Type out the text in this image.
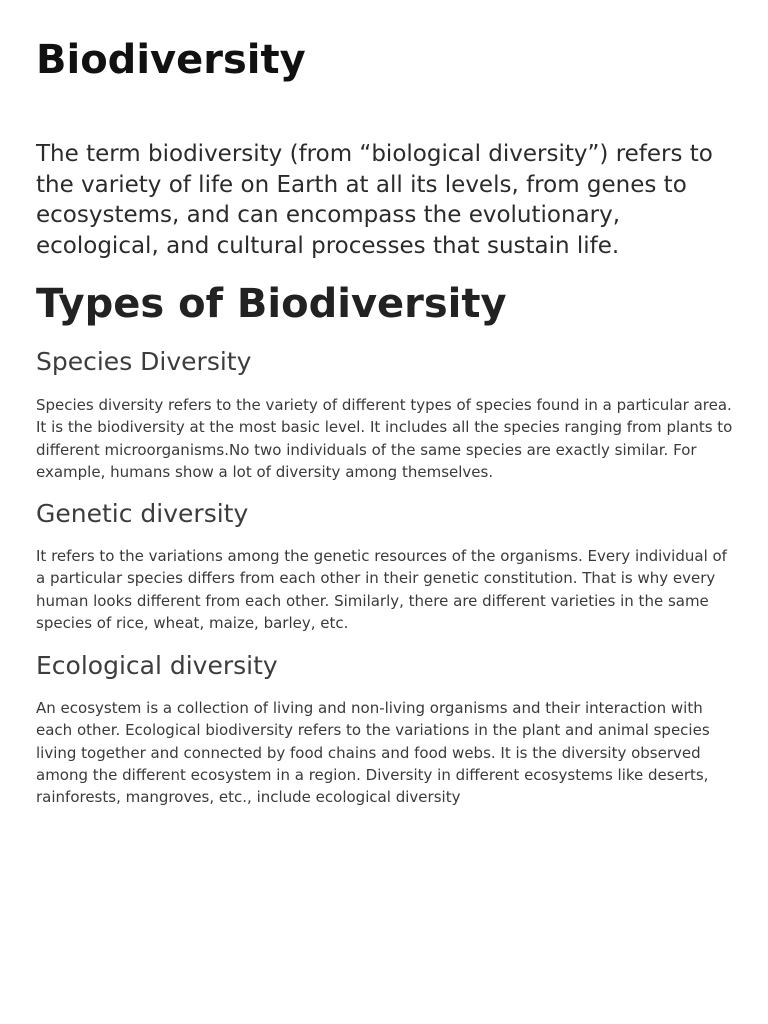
Biodiversity

The term biodiversity (from “biological diversity”) refers to the variety of life on Earth at all its levels, from genes to ecosystems, and can encompass the evolutionary, ecological, and cultural processes that sustain life.

Types of Biodiversity
Species Diversity

Species diversity refers to the variety of different types of species found in a particular area. It is the biodiversity at the most basic level. It includes all the species ranging from plants to different microorganisms.No two individuals of the same species are exactly similar. For example, humans show a lot of diversity among themselves.

Genetic diversity

It refers to the variations among the genetic resources of the organisms. Every individual of a particular species differs from each other in their genetic constitution. That is why every human looks different from each other. Similarly, there are different varieties in the same species of rice, wheat, maize, barley, etc.

Ecological diversity

An ecosystem is a collection of living and non-living organisms and their interaction with each other. Ecological biodiversity refers to the variations in the plant and animal species living together and connected by food chains and food webs. It is the diversity observed among the different ecosystem in a region. Diversity in different ecosystems like deserts, rainforests, mangroves, etc., include ecological diversity
